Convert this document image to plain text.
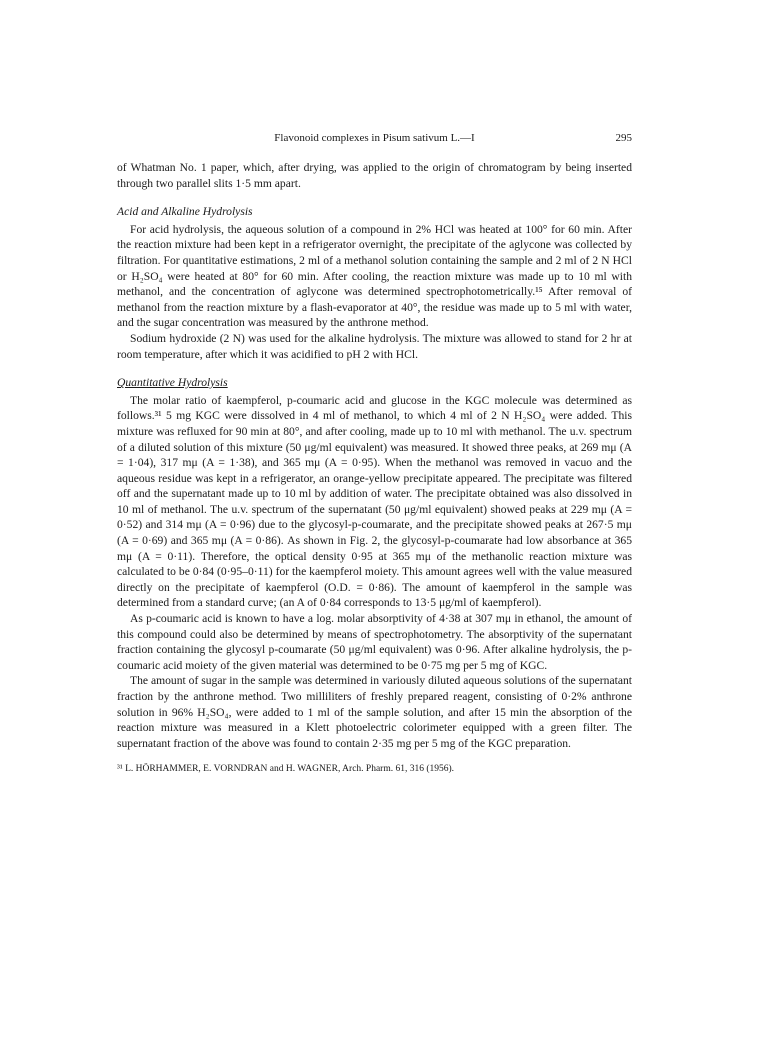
Flavonoid complexes in Pisum sativum L.—I	295

of Whatman No. 1 paper, which, after drying, was applied to the origin of chromatogram by being inserted through two parallel slits 1·5 mm apart.

Acid and Alkaline Hydrolysis

For acid hydrolysis, the aqueous solution of a compound in 2% HCl was heated at 100° for 60 min. After the reaction mixture had been kept in a refrigerator overnight, the precipitate of the aglycone was collected by filtration. For quantitative estimations, 2 ml of a methanol solution containing the sample and 2 ml of 2 N HCl or H₂SO₄ were heated at 80° for 60 min. After cooling, the reaction mixture was made up to 10 ml with methanol, and the concentration of aglycone was determined spectrophotometrically.¹⁵ After removal of methanol from the reaction mixture by a flash-evaporator at 40°, the residue was made up to 5 ml with water, and the sugar concentration was measured by the anthrone method.

Sodium hydroxide (2 N) was used for the alkaline hydrolysis. The mixture was allowed to stand for 2 hr at room temperature, after which it was acidified to pH 2 with HCl.

Quantitative Hydrolysis

The molar ratio of kaempferol, p-coumaric acid and glucose in the KGC molecule was determined as follows.³¹ 5 mg KGC were dissolved in 4 ml of methanol, to which 4 ml of 2 N H₂SO₄ were added. This mixture was refluxed for 90 min at 80°, and after cooling, made up to 10 ml with methanol. The u.v. spectrum of a diluted solution of this mixture (50 μg/ml equivalent) was measured. It showed three peaks, at 269 mμ (A = 1·04), 317 mμ (A = 1·38), and 365 mμ (A = 0·95). When the methanol was removed in vacuo and the aqueous residue was kept in a refrigerator, an orange-yellow precipitate appeared. The precipitate was filtered off and the supernatant made up to 10 ml by addition of water. The precipitate obtained was also dissolved in 10 ml of methanol. The u.v. spectrum of the supernatant (50 μg/ml equivalent) showed peaks at 229 mμ (A = 0·52) and 314 mμ (A = 0·96) due to the glycosyl-p-coumarate, and the precipitate showed peaks at 267·5 mμ (A = 0·69) and 365 mμ (A = 0·86). As shown in Fig. 2, the glycosyl-p-coumarate had low absorbance at 365 mμ (A = 0·11). Therefore, the optical density 0·95 at 365 mμ of the methanolic reaction mixture was calculated to be 0·84 (0·95–0·11) for the kaempferol moiety. This amount agrees well with the value measured directly on the precipitate of kaempferol (O.D. = 0·86). The amount of kaempferol in the sample was determined from a standard curve; (an A of 0·84 corresponds to 13·5 μg/ml of kaempferol).

As p-coumaric acid is known to have a log. molar absorptivity of 4·38 at 307 mμ in ethanol, the amount of this compound could also be determined by means of spectrophotometry. The absorptivity of the supernatant fraction containing the glycosyl p-coumarate (50 μg/ml equivalent) was 0·96. After alkaline hydrolysis, the p-coumaric acid moiety of the given material was determined to be 0·75 mg per 5 mg of KGC.

The amount of sugar in the sample was determined in variously diluted aqueous solutions of the supernatant fraction by the anthrone method. Two milliliters of freshly prepared reagent, consisting of 0·2% anthrone solution in 96% H₂SO₄, were added to 1 ml of the sample solution, and after 15 min the absorption of the reaction mixture was measured in a Klett photoelectric colorimeter equipped with a green filter. The supernatant fraction of the above was found to contain 2·35 mg per 5 mg of the KGC preparation.

³¹ L. HÖRHAMMER, E. VORNDRAN and H. WAGNER, Arch. Pharm. 61, 316 (1956).
